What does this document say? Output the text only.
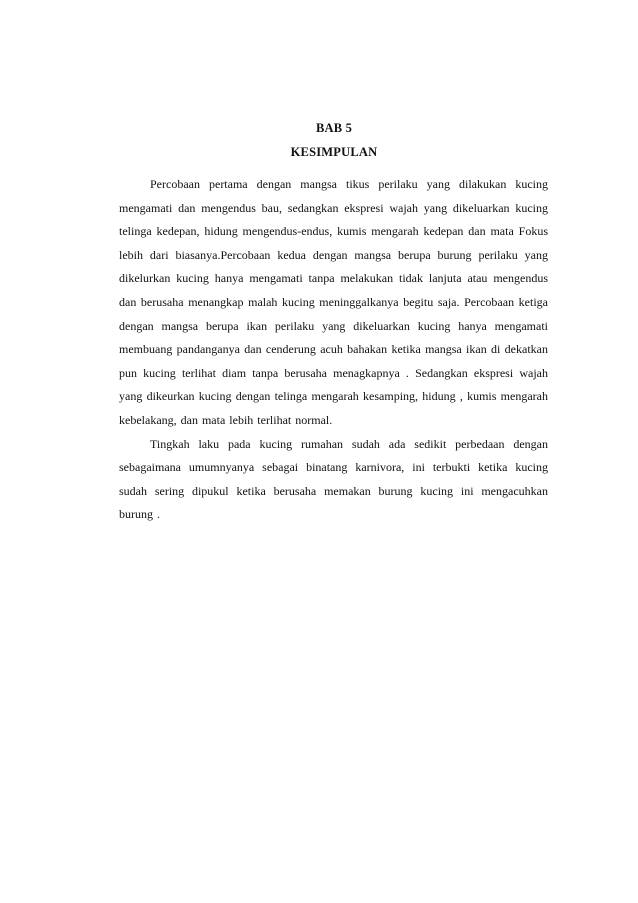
BAB 5
KESIMPULAN

Percobaan pertama dengan mangsa tikus perilaku yang dilakukan kucing mengamati dan mengendus bau, sedangkan ekspresi wajah yang dikeluarkan kucing telinga kedepan, hidung mengendus-endus, kumis mengarah kedepan dan mata Fokus lebih dari biasanya.Percobaan kedua dengan mangsa berupa burung perilaku yang dikelurkan kucing hanya mengamati tanpa melakukan tidak lanjuta atau mengendus dan berusaha menangkap malah kucing meninggalkanya begitu saja. Percobaan ketiga dengan mangsa berupa ikan perilaku yang dikeluarkan kucing hanya mengamati membuang pandanganya dan cenderung acuh bahakan ketika mangsa ikan di dekatkan pun kucing terlihat diam tanpa berusaha menagkapnya . Sedangkan ekspresi wajah yang dikeurkan kucing dengan telinga mengarah kesamping, hidung , kumis mengarah kebelakang, dan mata lebih terlihat normal.

Tingkah laku pada kucing rumahan sudah ada sedikit perbedaan dengan sebagaimana umumnyanya sebagai binatang karnivora, ini terbukti ketika kucing sudah sering dipukul ketika berusaha memakan burung kucing ini mengacuhkan burung .
